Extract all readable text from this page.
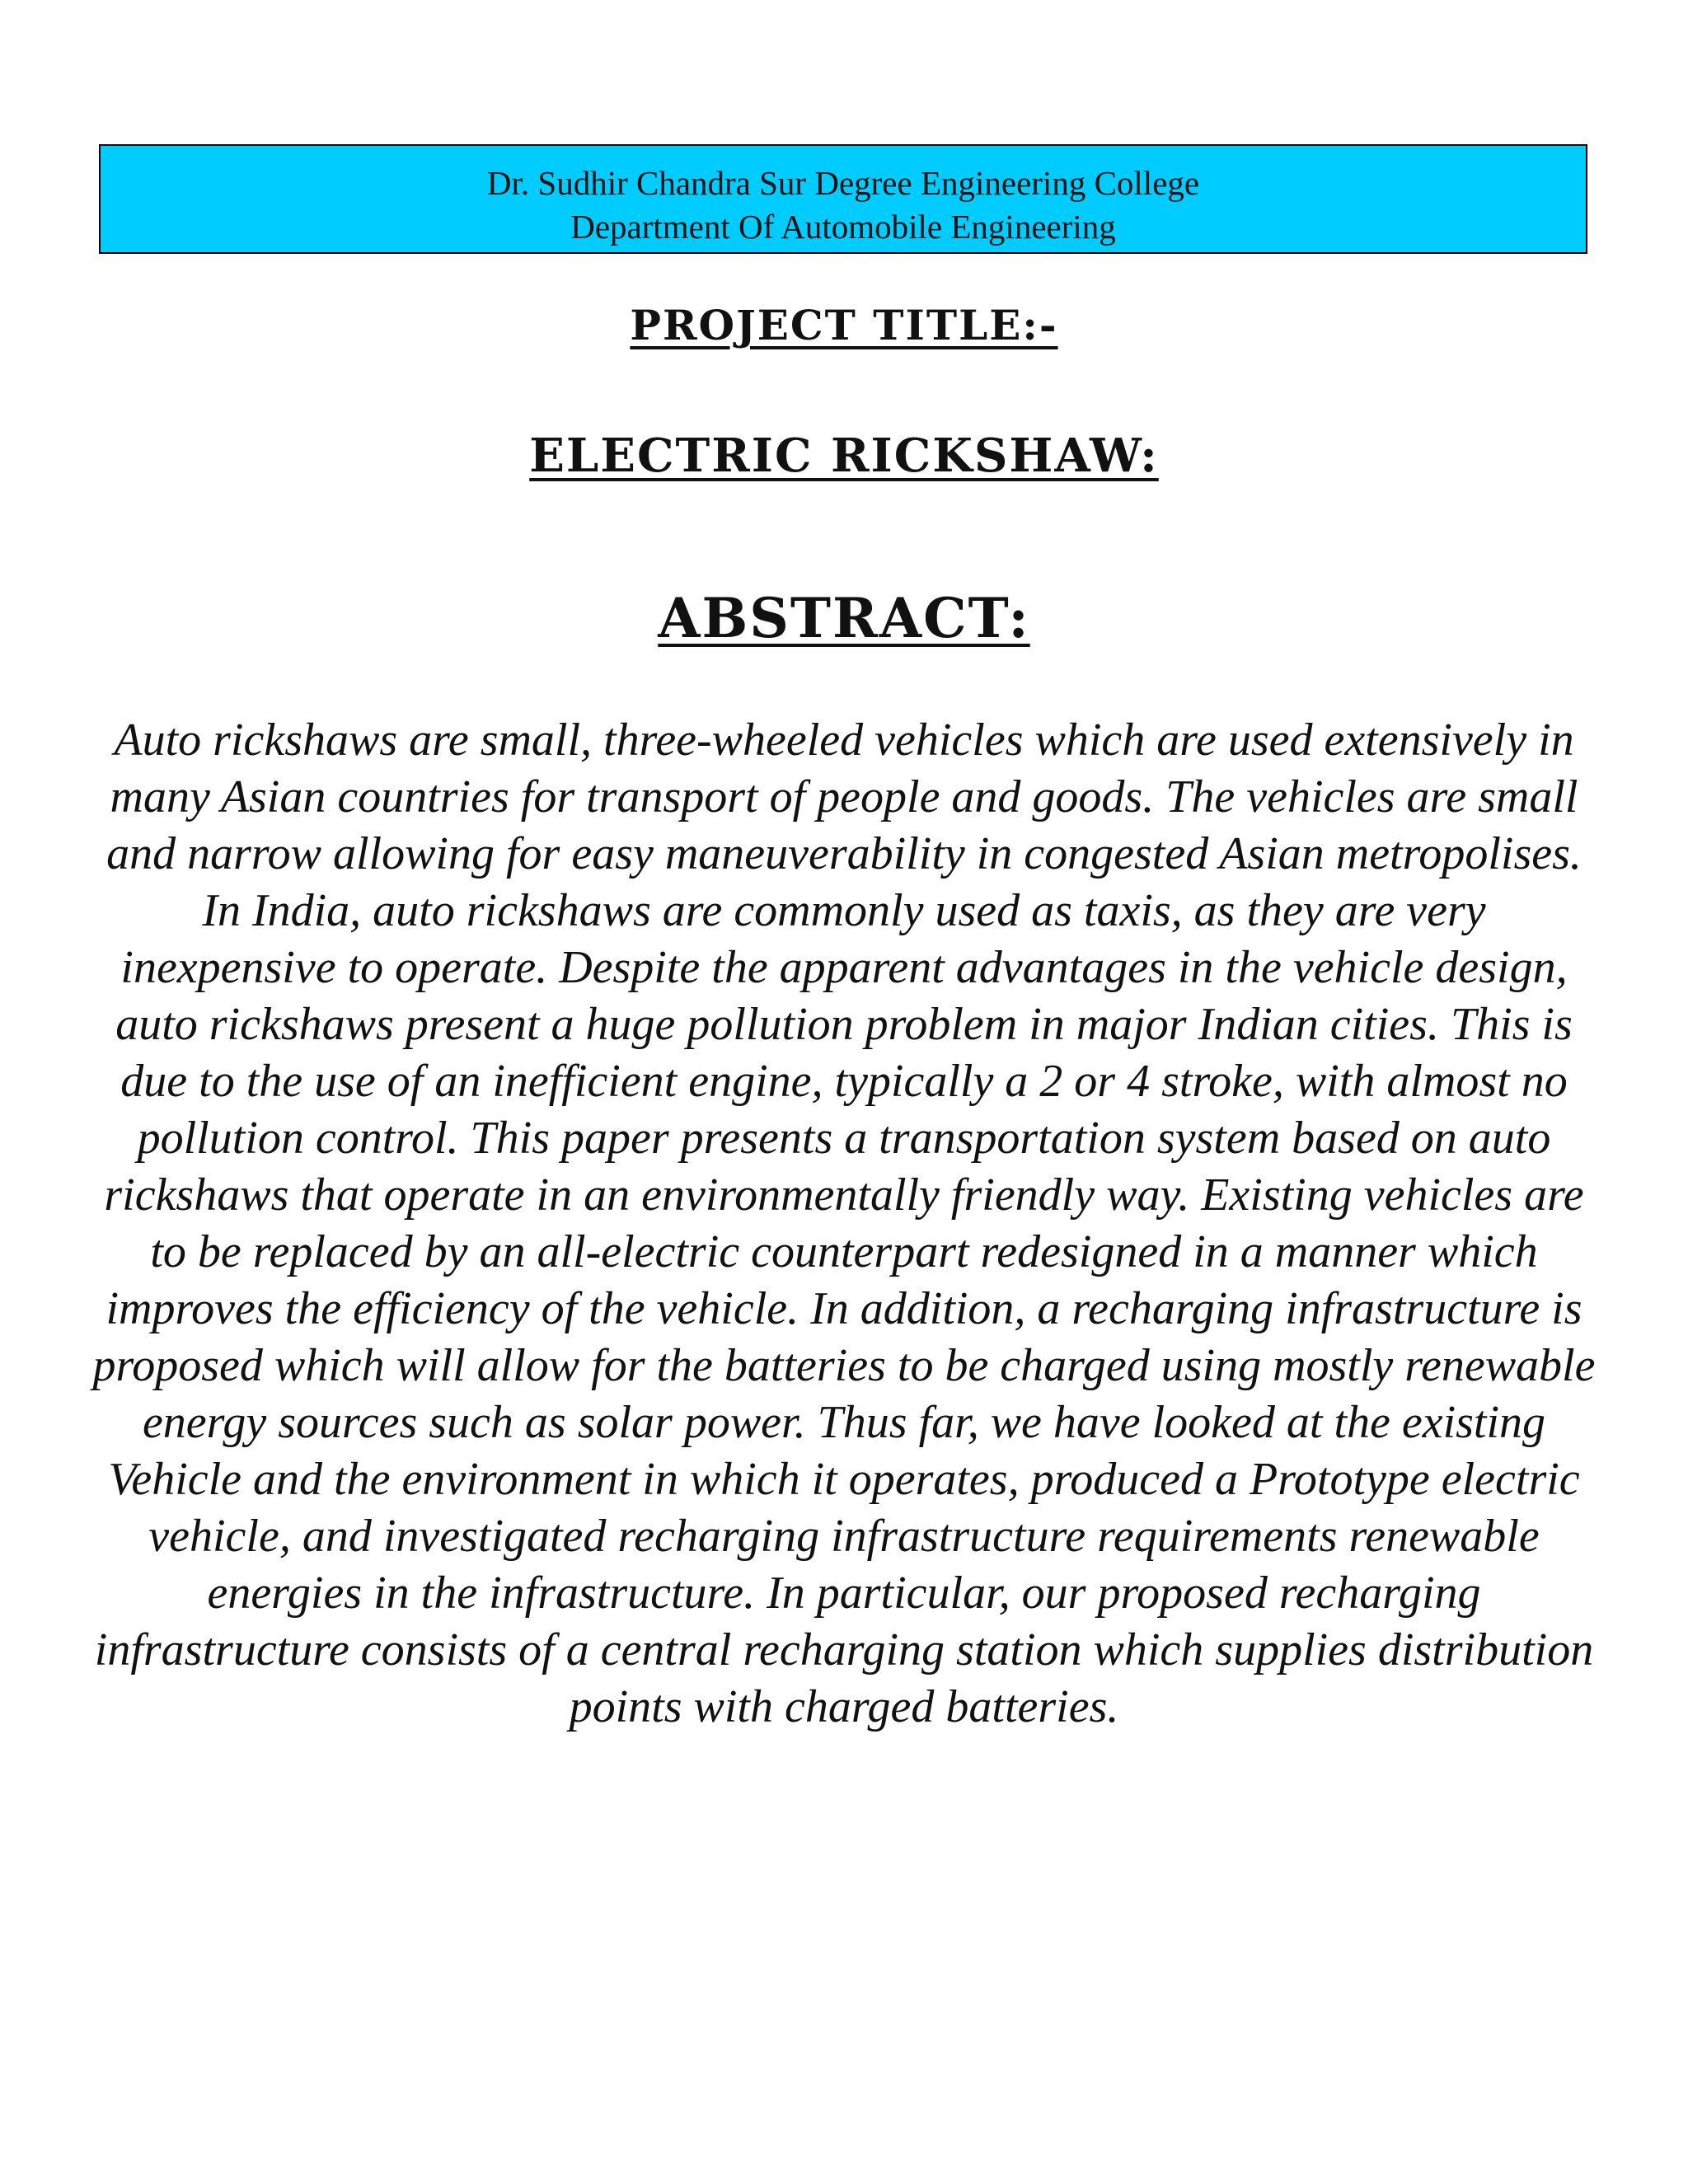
Dr. Sudhir Chandra Sur Degree Engineering College
Department Of Automobile Engineering
PROJECT TITLE:-
ELECTRIC RICKSHAW:
ABSTRACT:

Auto rickshaws are small, three-wheeled vehicles which are used extensively in many Asian countries for transport of people and goods. The vehicles are small and narrow allowing for easy maneuverability in congested Asian metropolises. In India, auto rickshaws are commonly used as taxis, as they are very inexpensive to operate. Despite the apparent advantages in the vehicle design, auto rickshaws present a huge pollution problem in major Indian cities. This is due to the use of an inefficient engine, typically a 2 or 4 stroke, with almost no pollution control. This paper presents a transportation system based on auto rickshaws that operate in an environmentally friendly way. Existing vehicles are to be replaced by an all-electric counterpart redesigned in a manner which improves the efficiency of the vehicle. In addition, a recharging infrastructure is proposed which will allow for the batteries to be charged using mostly renewable energy sources such as solar power. Thus far, we have looked at the existing Vehicle and the environment in which it operates, produced a Prototype electric vehicle, and investigated recharging infrastructure requirements renewable energies in the infrastructure. In particular, our proposed recharging infrastructure consists of a central recharging station which supplies distribution points with charged batteries.
